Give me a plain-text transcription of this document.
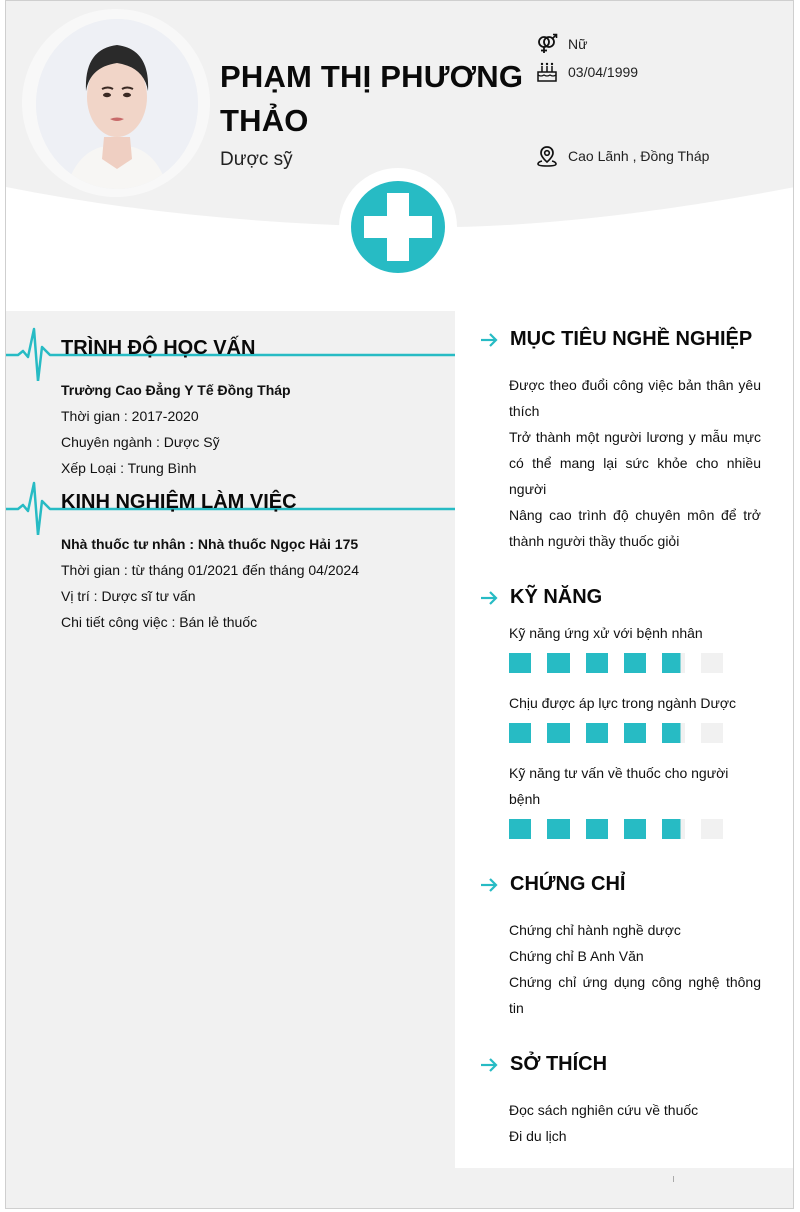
PHẠM THỊ PHƯƠNG THẢO
Dược sỹ
Nữ
03/04/1999
Cao Lãnh , Đồng Tháp
TRÌNH ĐỘ HỌC VẤN
Trường Cao Đẳng Y Tế Đồng Tháp
Thời gian : 2017-2020
Chuyên ngành : Dược Sỹ
Xếp Loại : Trung Bình
KINH NGHIỆM LÀM VIỆC
Nhà thuốc tư nhân : Nhà thuốc Ngọc Hải 175
Thời gian : từ tháng 01/2021 đến tháng 04/2024
Vị trí : Dược sĩ tư vấn
Chi tiết công việc : Bán lẻ thuốc
MỤC TIÊU NGHỀ NGHIỆP
Được theo đuổi công việc bản thân yêu thích
Trở thành một người lương y mẫu mực có thể mang lại sức khỏe cho nhiều người
Nâng cao trình độ chuyên môn để trở thành người thầy thuốc giỏi
KỸ NĂNG
Kỹ năng ứng xử với bệnh nhân
Chịu được áp lực trong ngành Dược
Kỹ năng tư vấn về thuốc cho người bệnh
CHỨNG CHỈ
Chứng chỉ hành nghề dược
Chứng chỉ B Anh Văn
Chứng chỉ ứng dụng công nghệ thông tin
SỞ THÍCH
Đọc sách nghiên cứu về thuốc
Đi du lịch
